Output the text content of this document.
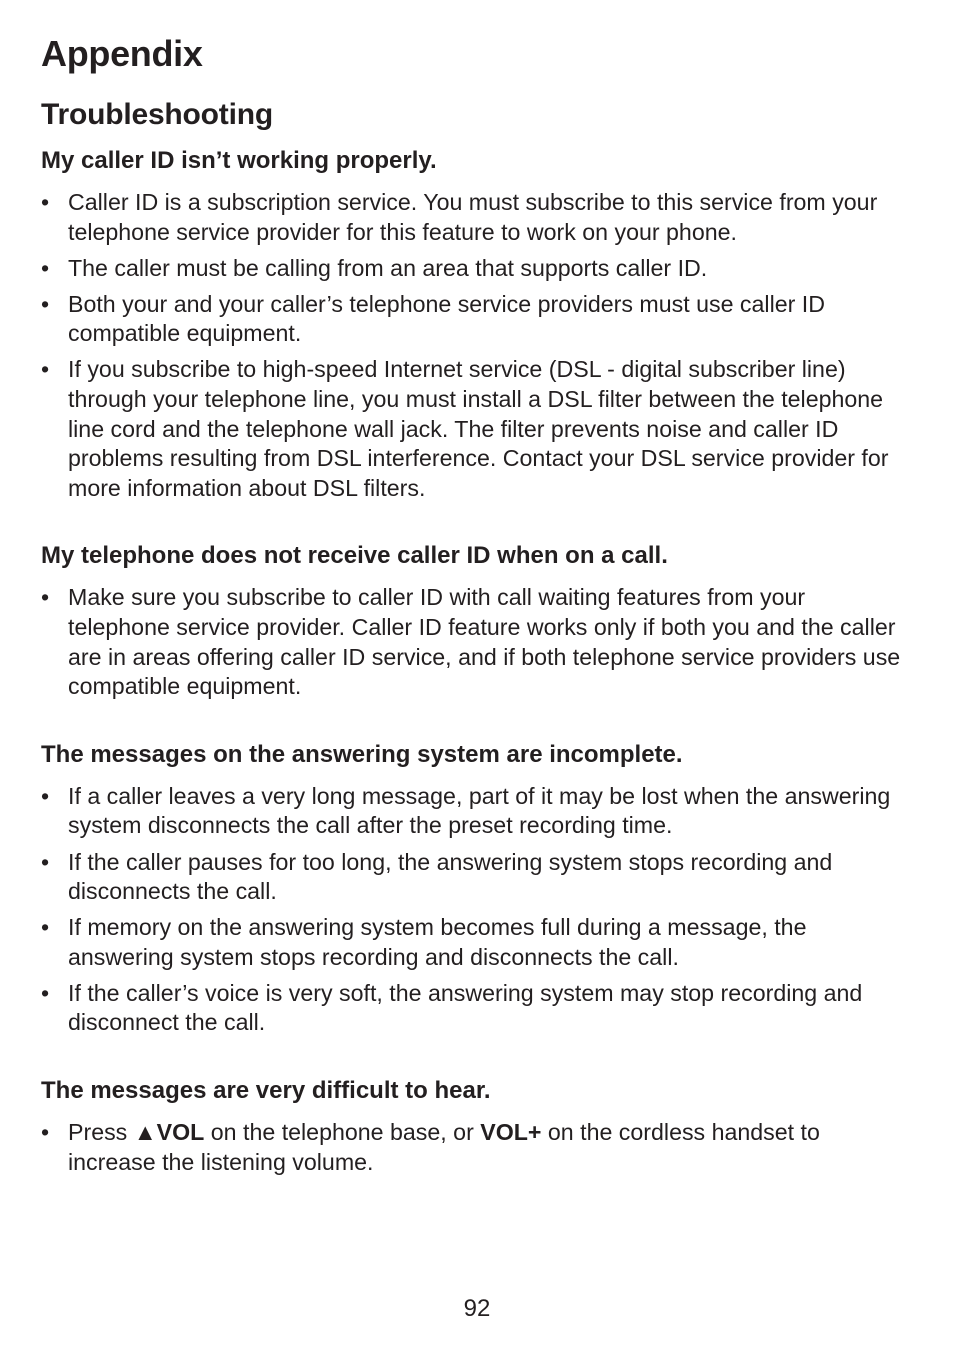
Appendix
Troubleshooting
My caller ID isn’t working properly.
• Caller ID is a subscription service. You must subscribe to this service from your telephone service provider for this feature to work on your phone.
• The caller must be calling from an area that supports caller ID.
• Both your and your caller’s telephone service providers must use caller ID compatible equipment.
• If you subscribe to high-speed Internet service (DSL - digital subscriber line) through your telephone line, you must install a DSL filter between the telephone line cord and the telephone wall jack. The filter prevents noise and caller ID problems resulting from DSL interference. Contact your DSL service provider for more information about DSL filters.
My telephone does not receive caller ID when on a call.
• Make sure you subscribe to caller ID with call waiting features from your telephone service provider. Caller ID feature works only if both you and the caller are in areas offering caller ID service, and if both telephone service providers use compatible equipment.
The messages on the answering system are incomplete.
• If a caller leaves a very long message, part of it may be lost when the answering system disconnects the call after the preset recording time.
• If the caller pauses for too long, the answering system stops recording and disconnects the call.
• If memory on the answering system becomes full during a message, the answering system stops recording and disconnects the call.
• If the caller’s voice is very soft, the answering system may stop recording and disconnect the call.
The messages are very difficult to hear.
• Press ▲VOL on the telephone base, or VOL+ on the cordless handset to increase the listening volume.
92
